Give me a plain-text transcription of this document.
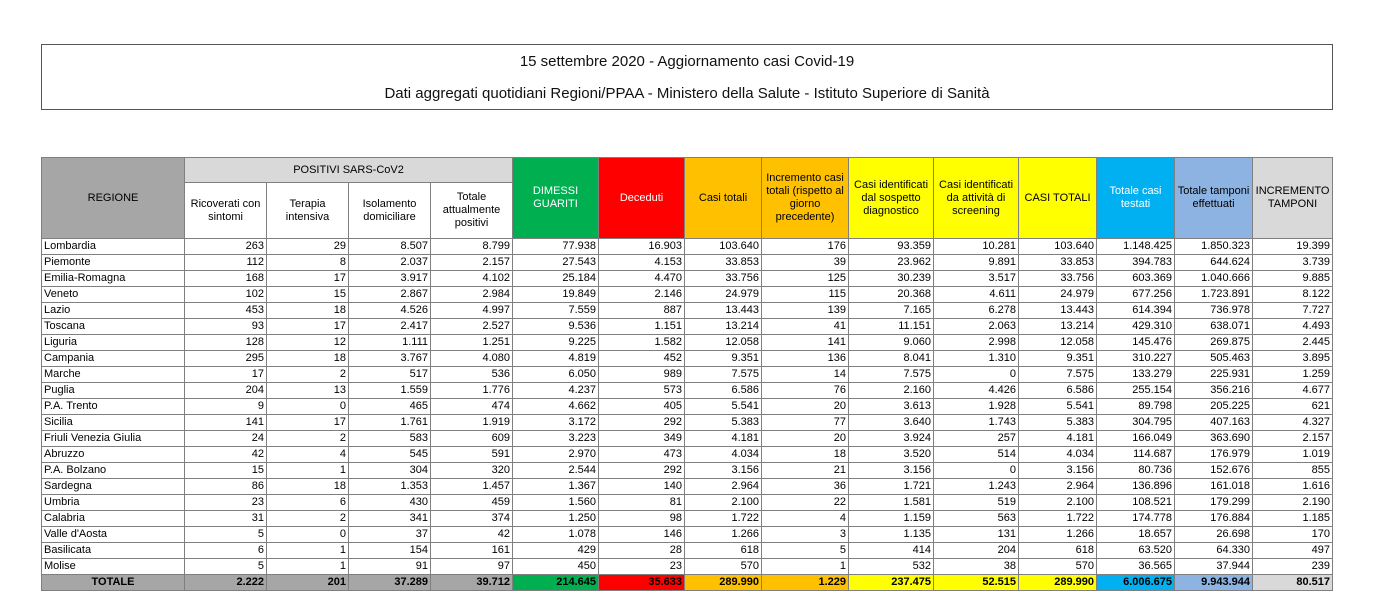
15 settembre 2020 - Aggiornamento casi Covid-19
Dati aggregati quotidiani Regioni/PPAA - Ministero della Salute - Istituto Superiore di Sanità
REGIONE	POSITIVI SARS-CoV2				DIMESSI GUARITI	Deceduti	Casi totali	Incremento casi totali (rispetto al giorno precedente)	Casi identificati dal sospetto diagnostico	Casi identificati da attività di screening	CASI TOTALI	Totale casi testati	Totale tamponi effettuati	INCREMENTO TAMPONI
	Ricoverati con sintomi	Terapia intensiva	Isolamento domiciliare	Totale attualmente positivi										
Lombardia	263	29	8.507	8.799	77.938	16.903	103.640	176	93.359	10.281	103.640	1.148.425	1.850.323	19.399
Piemonte	112	8	2.037	2.157	27.543	4.153	33.853	39	23.962	9.891	33.853	394.783	644.624	3.739
Emilia-Romagna	168	17	3.917	4.102	25.184	4.470	33.756	125	30.239	3.517	33.756	603.369	1.040.666	9.885
Veneto	102	15	2.867	2.984	19.849	2.146	24.979	115	20.368	4.611	24.979	677.256	1.723.891	8.122
Lazio	453	18	4.526	4.997	7.559	887	13.443	139	7.165	6.278	13.443	614.394	736.978	7.727
Toscana	93	17	2.417	2.527	9.536	1.151	13.214	41	11.151	2.063	13.214	429.310	638.071	4.493
Liguria	128	12	1.111	1.251	9.225	1.582	12.058	141	9.060	2.998	12.058	145.476	269.875	2.445
Campania	295	18	3.767	4.080	4.819	452	9.351	136	8.041	1.310	9.351	310.227	505.463	3.895
Marche	17	2	517	536	6.050	989	7.575	14	7.575	0	7.575	133.279	225.931	1.259
Puglia	204	13	1.559	1.776	4.237	573	6.586	76	2.160	4.426	6.586	255.154	356.216	4.677
P.A. Trento	9	0	465	474	4.662	405	5.541	20	3.613	1.928	5.541	89.798	205.225	621
Sicilia	141	17	1.761	1.919	3.172	292	5.383	77	3.640	1.743	5.383	304.795	407.163	4.327
Friuli Venezia Giulia	24	2	583	609	3.223	349	4.181	20	3.924	257	4.181	166.049	363.690	2.157
Abruzzo	42	4	545	591	2.970	473	4.034	18	3.520	514	4.034	114.687	176.979	1.019
P.A. Bolzano	15	1	304	320	2.544	292	3.156	21	3.156	0	3.156	80.736	152.676	855
Sardegna	86	18	1.353	1.457	1.367	140	2.964	36	1.721	1.243	2.964	136.896	161.018	1.616
Umbria	23	6	430	459	1.560	81	2.100	22	1.581	519	2.100	108.521	179.299	2.190
Calabria	31	2	341	374	1.250	98	1.722	4	1.159	563	1.722	174.778	176.884	1.185
Valle d'Aosta	5	0	37	42	1.078	146	1.266	3	1.135	131	1.266	18.657	26.698	170
Basilicata	6	1	154	161	429	28	618	5	414	204	618	63.520	64.330	497
Molise	5	1	91	97	450	23	570	1	532	38	570	36.565	37.944	239
TOTALE	2.222	201	37.289	39.712	214.645	35.633	289.990	1.229	237.475	52.515	289.990	6.006.675	9.943.944	80.517
